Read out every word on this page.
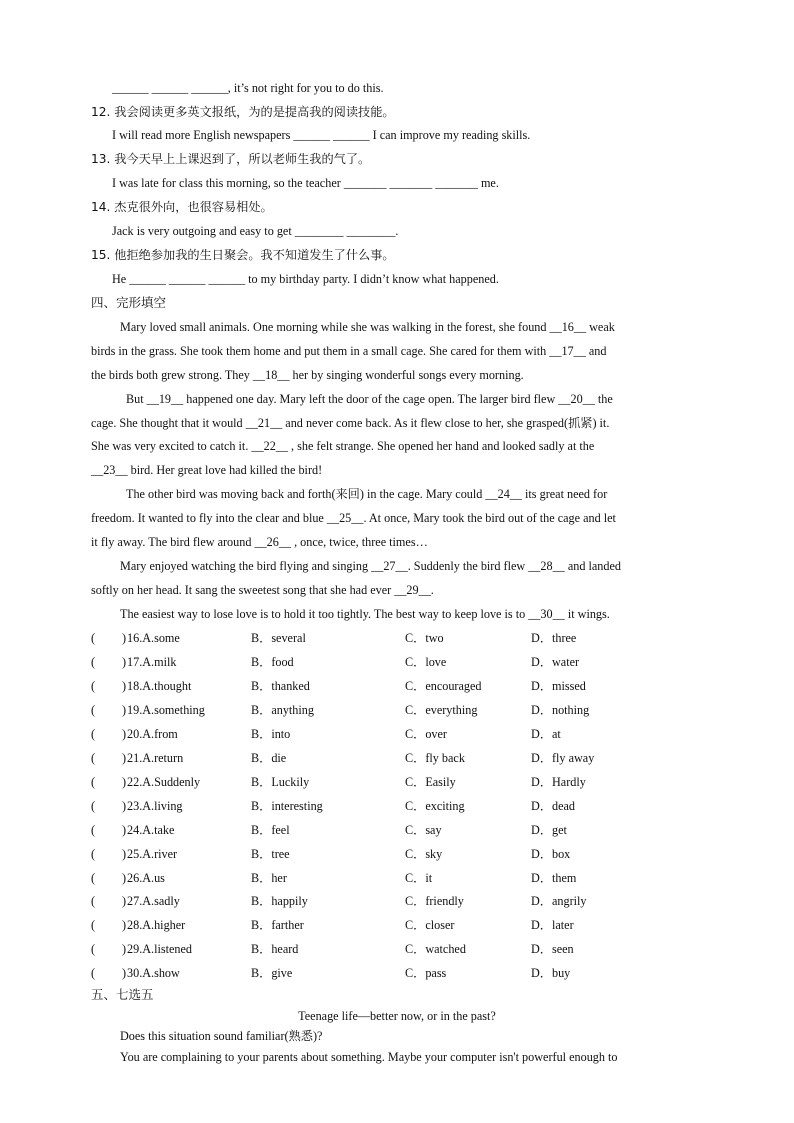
______ ______ ______, it’s not right for you to do this.
12. 我会阅读更多英文报纸，为的是提高我的阅读技能。
I will read more English newspapers ______ ______ I can improve my reading skills.
13. 我今天早上上课迟到了，所以老师生我的气了。
I was late for class this morning, so the teacher _______ _______ _______ me.
14. 杰克很外向，也很容易相处。
Jack is very outgoing and easy to get ________ ________.
15. 他拒绝参加我的生日聚会。我不知道发生了什么事。
He ______ ______ ______ to my birthday party. I didn’t know what happened.
四、完形填空
Mary loved small animals. One morning while she was walking in the forest, she found __16__ weak
birds in the grass. She took them home and put them in a small cage. She cared for them with __17__ and
the birds both grew strong. They __18__ her by singing wonderful songs every morning.
But __19__ happened one day. Mary left the door of the cage open. The larger bird flew __20__ the
cage. She thought that it would __21__ and never come back. As it flew close to her, she grasped(抓紧) it.
She was very excited to catch it. __22__ , she felt strange. She opened her hand and looked sadly at the
__23__ bird. Her great love had killed the bird!
The other bird was moving back and forth(来回) in the cage. Mary could __24__ its great need for
freedom. It wanted to fly into the clear and blue __25__. At once, Mary took the bird out of the cage and let
it fly away. The bird flew around __26__ , once, twice, three times…
Mary enjoyed watching the bird flying and singing __27__. Suddenly the bird flew __28__ and landed
softly on her head. It sang the sweetest song that she had ever __29__.
The easiest way to lose love is to hold it too tightly. The best way to keep love is to __30__ it wings.
( ) 16.A.some	B．several	C．two	D．three
( ) 17.A.milk	B．food	C．love	D．water
( ) 18.A.thought	B．thanked	C．encouraged	D．missed
( ) 19.A.something	B．anything	C．everything	D．nothing
( ) 20.A.from	B．into	C．over	D．at
( ) 21.A.return	B．die	C．fly back	D．fly away
( ) 22.A.Suddenly	B．Luckily	C．Easily	D．Hardly
( ) 23.A.living	B．interesting	C．exciting	D．dead
( ) 24.A.take	B．feel	C．say	D．get
( ) 25.A.river	B．tree	C．sky	D．box
( ) 26.A.us	B．her	C．it	D．them
( ) 27.A.sadly	B．happily	C．friendly	D．angrily
( ) 28.A.higher	B．farther	C．closer	D．later
( ) 29.A.listened	B．heard	C．watched	D．seen
( ) 30.A.show	B．give	C．pass	D．buy
五、七选五
Teenage life—better now, or in the past?
Does this situation sound familiar(熟悉)?
You are complaining to your parents about something. Maybe your computer isn't powerful enough to
